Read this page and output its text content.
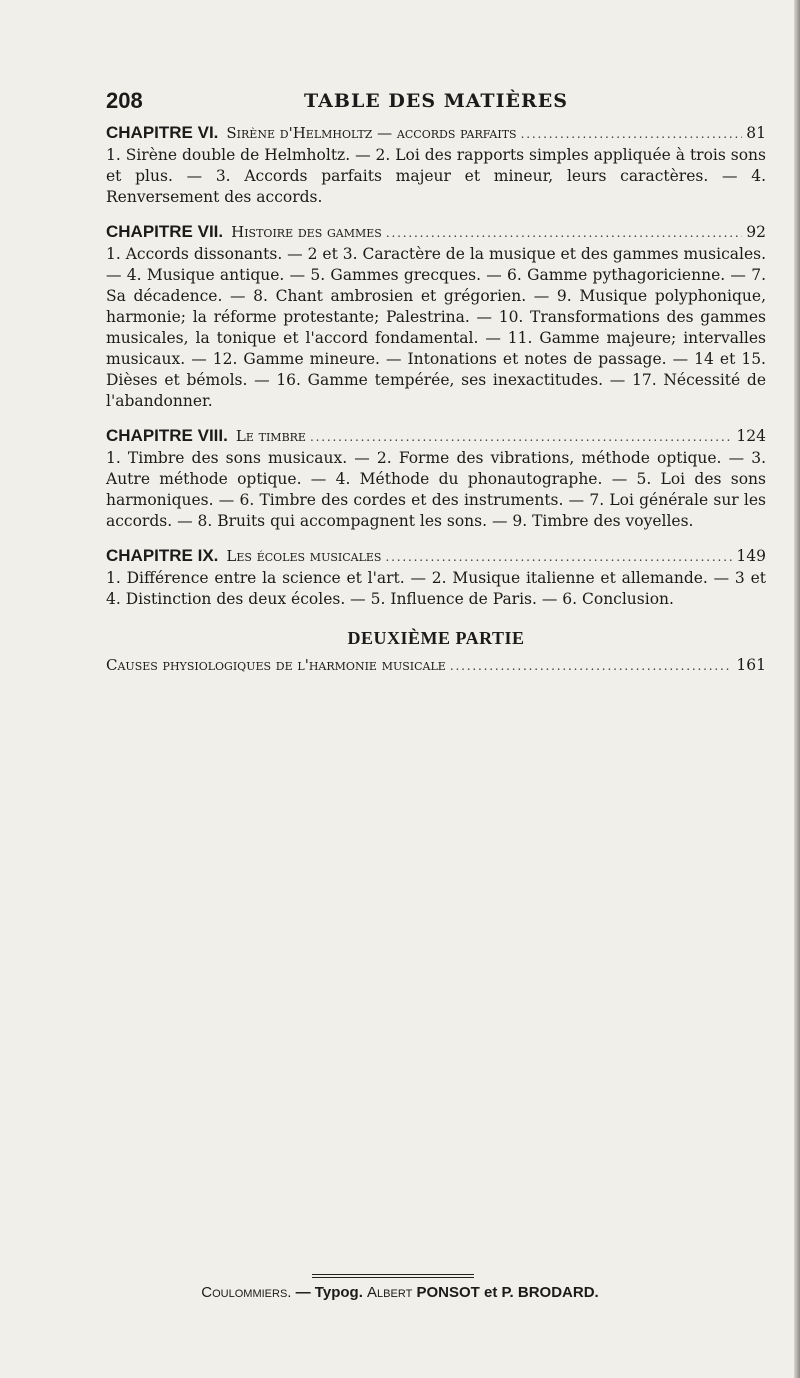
208	TABLE DES MATIÈRES
CHAPITRE VI. Sirène d'Helmholtz — accords parfaits . . .	81

1. Sirène double de Helmholtz. — 2. Loi des rapports simples appliquée à trois sons et plus. — 3. Accords parfaits majeur et mineur, leurs caractères. — 4. Renversement des accords.

CHAPITRE VII. Histoire des gammes . . .	92

1. Accords dissonants. — 2 et 3. Caractère de la musique et des gammes musicales. — 4. Musique antique. — 5. Gammes grecques. — 6. Gamme pythagoricienne. — 7. Sa décadence. — 8. Chant ambrosien et grégorien. — 9. Musique polyphonique, harmonie; la réforme protestante; Palestrina. — 10. Transformations des gammes musicales, la tonique et l'accord fondamental. — 11. Gamme majeure; intervalles musicaux. — 12. Gamme mineure. — Intonations et notes de passage. — 14 et 15. Dièses et bémols. — 16. Gamme tempérée, ses inexactitudes. — 17. Nécessité de l'abandonner.

CHAPITRE VIII. Le timbre . . .	124

1. Timbre des sons musicaux. — 2. Forme des vibrations, méthode optique. — 3. Autre méthode optique. — 4. Méthode du phonautographe. — 5. Loi des sons harmoniques. — 6. Timbre des cordes et des instruments. — 7. Loi générale sur les accords. — 8. Bruits qui accompagnent les sons. — 9. Timbre des voyelles.

CHAPITRE IX. Les écoles musicales . . .	149

1. Différence entre la science et l'art. — 2. Musique italienne et allemande. — 3 et 4. Distinction des deux écoles. — 5. Influence de Paris. — 6. Conclusion.

DEUXIÈME PARTIE
Causes physiologiques de l'harmonie musicale . . .	161
Coulommiers. — Typog. Albert PONSOT et P. BRODARD.
